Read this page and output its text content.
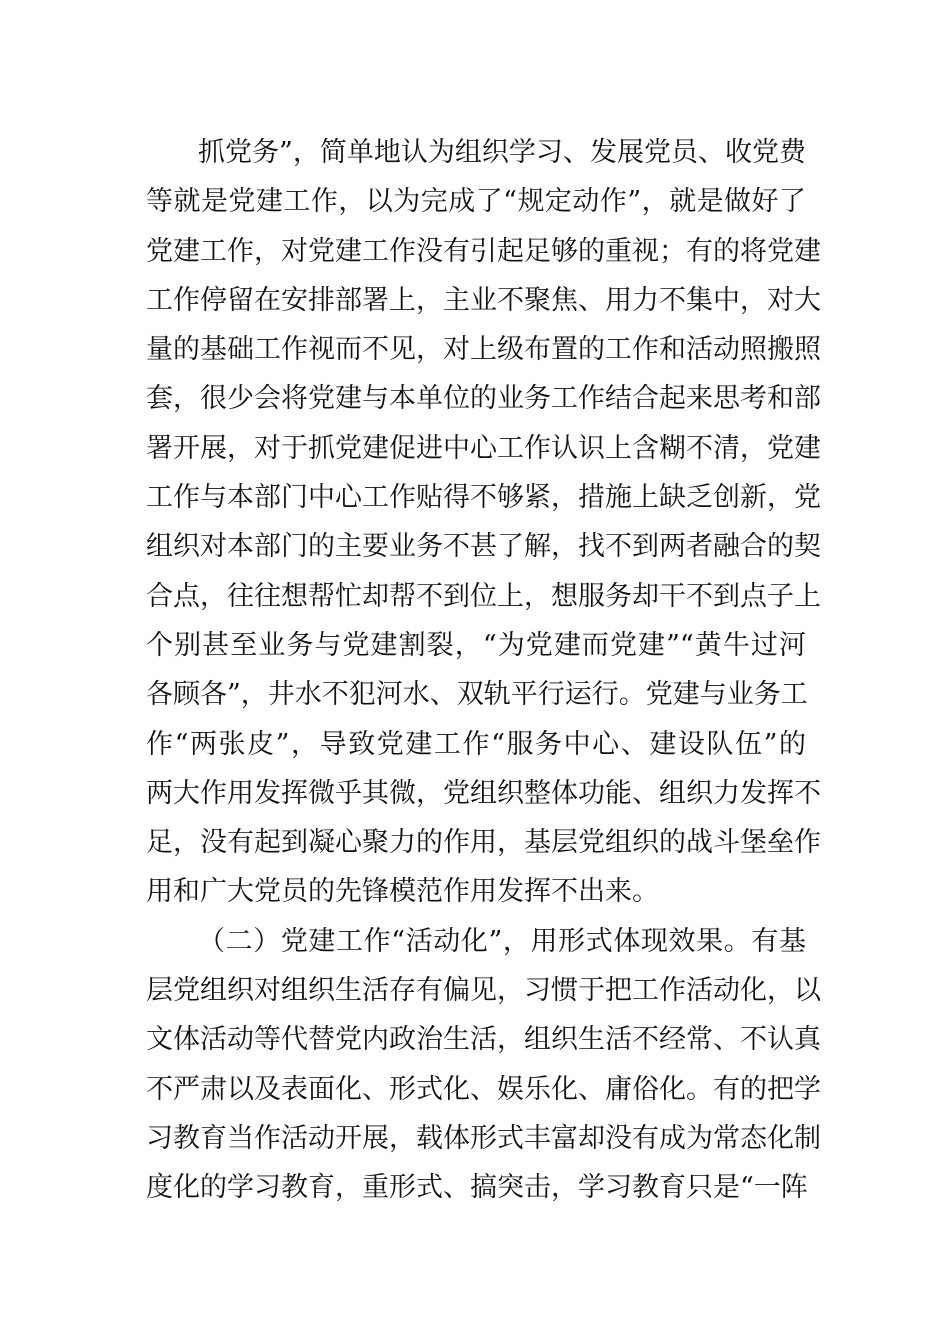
抓党务”，简单地认为组织学习、发展党员、收党费
等就是党建工作，以为完成了“规定动作”，就是做好了
党建工作，对党建工作没有引起足够的重视；有的将党建
工作停留在安排部署上，主业不聚焦、用力不集中，对大
量的基础工作视而不见，对上级布置的工作和活动照搬照
套，很少会将党建与本单位的业务工作结合起来思考和部
署开展，对于抓党建促进中心工作认识上含糊不清，党建
工作与本部门中心工作贴得不够紧，措施上缺乏创新，党
组织对本部门的主要业务不甚了解，找不到两者融合的契
合点，往往想帮忙却帮不到位上，想服务却干不到点子上
个别甚至业务与党建割裂，“为党建而党建”“黄牛过河
各顾各”，井水不犯河水、双轨平行运行。党建与业务工
作“两张皮”，导致党建工作“服务中心、建设队伍”的
两大作用发挥微乎其微，党组织整体功能、组织力发挥不
足，没有起到凝心聚力的作用，基层党组织的战斗堡垒作
用和广大党员的先锋模范作用发挥不出来。
（二）党建工作“活动化”，用形式体现效果。有基
层党组织对组织生活存有偏见，习惯于把工作活动化，以
文体活动等代替党内政治生活，组织生活不经常、不认真
不严肃以及表面化、形式化、娱乐化、庸俗化。有的把学
习教育当作活动开展，载体形式丰富却没有成为常态化制
度化的学习教育，重形式、搞突击，学习教育只是“一阵
